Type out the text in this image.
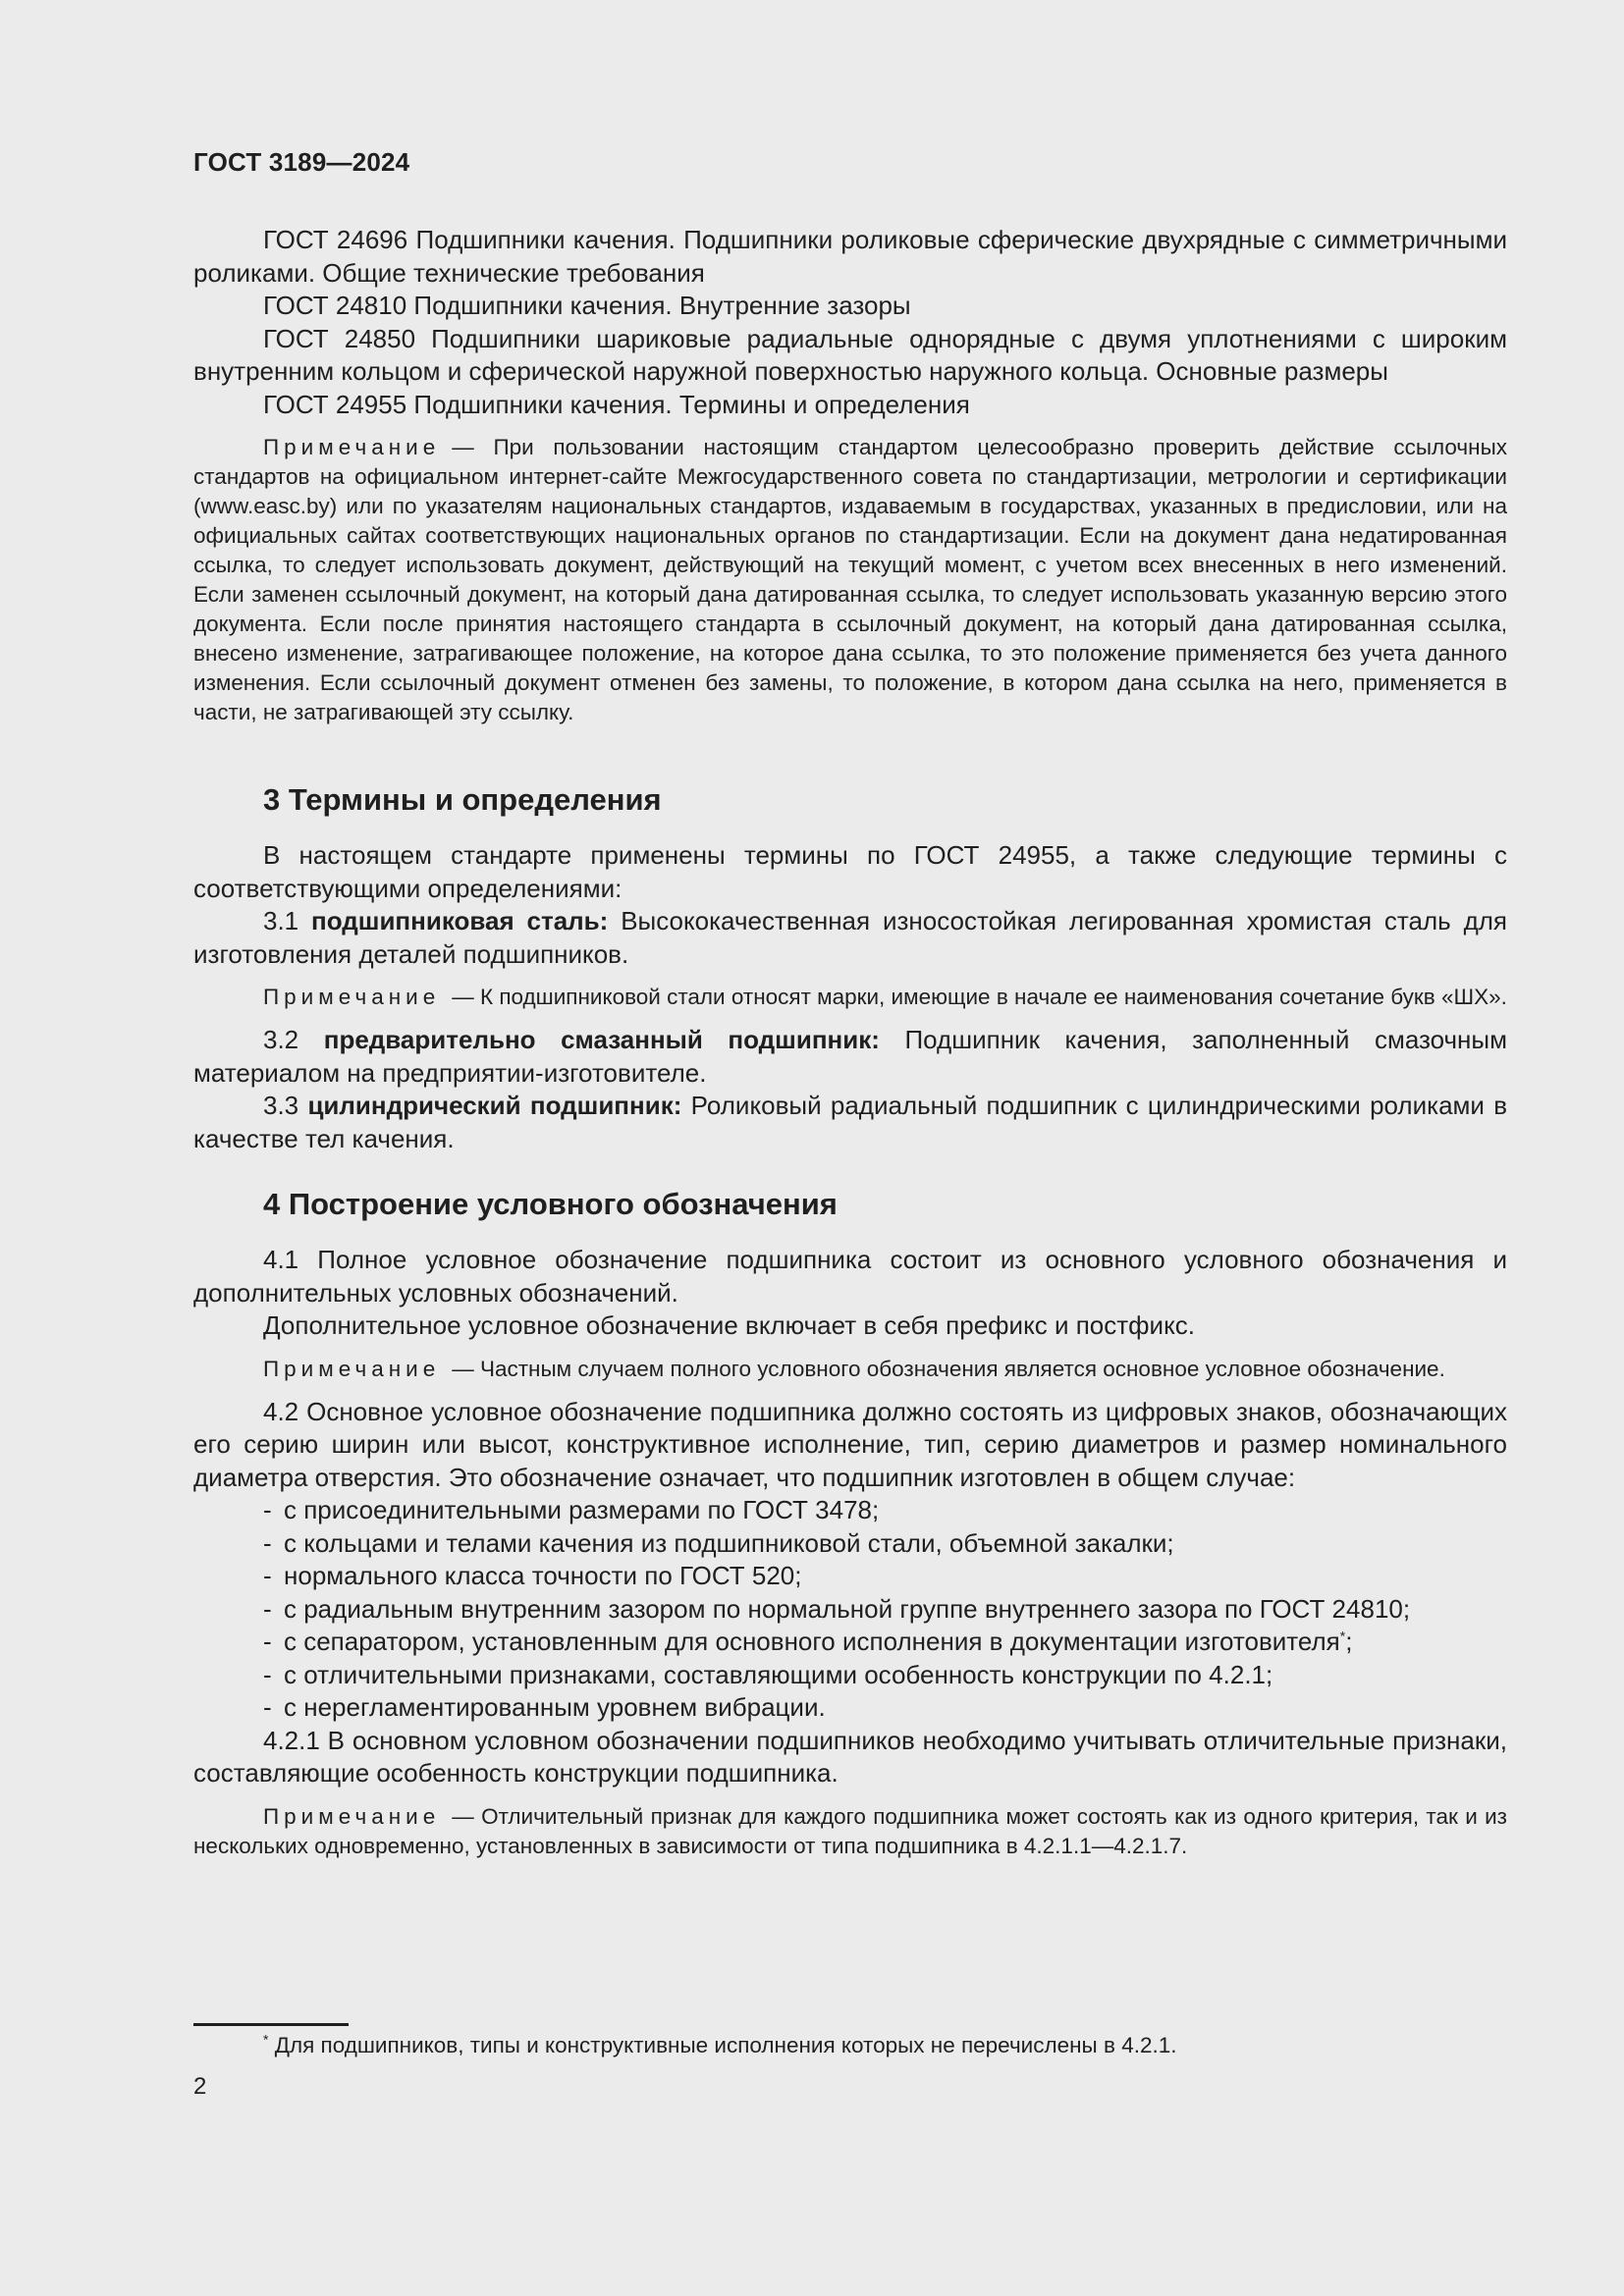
ГОСТ 3189—2024

ГОСТ 24696 Подшипники качения. Подшипники роликовые сферические двухрядные с симметричными роликами. Общие технические требования

ГОСТ 24810 Подшипники качения. Внутренние зазоры

ГОСТ 24850 Подшипники шариковые радиальные однорядные с двумя уплотнениями с широким внутренним кольцом и сферической наружной поверхностью наружного кольца. Основные размеры

ГОСТ 24955 Подшипники качения. Термины и определения

Примечание — При пользовании настоящим стандартом целесообразно проверить действие ссылочных стандартов на официальном интернет-сайте Межгосударственного совета по стандартизации, метрологии и сертификации (www.easc.by) или по указателям национальных стандартов, издаваемым в государствах, указанных в предисловии, или на официальных сайтах соответствующих национальных органов по стандартизации. Если на документ дана недатированная ссылка, то следует использовать документ, действующий на текущий момент, с учетом всех внесенных в него изменений. Если заменен ссылочный документ, на который дана датированная ссылка, то следует использовать указанную версию этого документа. Если после принятия настоящего стандарта в ссылочный документ, на который дана датированная ссылка, внесено изменение, затрагивающее положение, на которое дана ссылка, то это положение применяется без учета данного изменения. Если ссылочный документ отменен без замены, то положение, в котором дана ссылка на него, применяется в части, не затрагивающей эту ссылку.

3 Термины и определения

В настоящем стандарте применены термины по ГОСТ 24955, а также следующие термины с соответствующими определениями:

3.1 подшипниковая сталь: Высококачественная износостойкая легированная хромистая сталь для изготовления деталей подшипников.

Примечание — К подшипниковой стали относят марки, имеющие в начале ее наименования сочетание букв «ШХ».

3.2 предварительно смазанный подшипник: Подшипник качения, заполненный смазочным материалом на предприятии-изготовителе.

3.3 цилиндрический подшипник: Роликовый радиальный подшипник с цилиндрическими роликами в качестве тел качения.

4 Построение условного обозначения

4.1 Полное условное обозначение подшипника состоит из основного условного обозначения и дополнительных условных обозначений.

Дополнительное условное обозначение включает в себя префикс и постфикс.

Примечание — Частным случаем полного условного обозначения является основное условное обозначение.

4.2 Основное условное обозначение подшипника должно состоять из цифровых знаков, обозначающих его серию ширин или высот, конструктивное исполнение, тип, серию диаметров и размер номинального диаметра отверстия. Это обозначение означает, что подшипник изготовлен в общем случае:

- с присоединительными размерами по ГОСТ 3478;

- с кольцами и телами качения из подшипниковой стали, объемной закалки;

- нормального класса точности по ГОСТ 520;

- с радиальным внутренним зазором по нормальной группе внутреннего зазора по ГОСТ 24810;

- с сепаратором, установленным для основного исполнения в документации изготовителя*;

- с отличительными признаками, составляющими особенность конструкции по 4.2.1;

- с нерегламентированным уровнем вибрации.

4.2.1 В основном условном обозначении подшипников необходимо учитывать отличительные признаки, составляющие особенность конструкции подшипника.

Примечание — Отличительный признак для каждого подшипника может состоять как из одного критерия, так и из нескольких одновременно, установленных в зависимости от типа подшипника в 4.2.1.1—4.2.1.7.

* Для подшипников, типы и конструктивные исполнения которых не перечислены в 4.2.1.
2
